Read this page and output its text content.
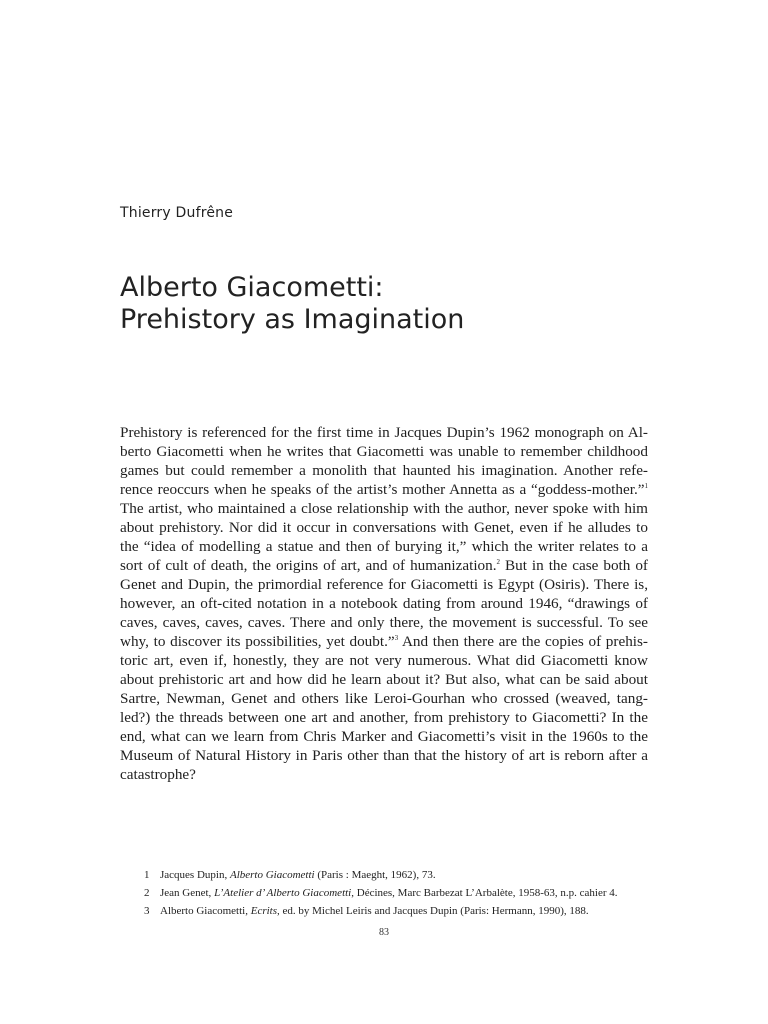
Thierry Dufrêne
Alberto Giacometti:
Prehistory as Imagination
Prehistory is referenced for the first time in Jacques Dupin’s 1962 monograph on Al-
berto Giacometti when he writes that Giacometti was unable to remember childhood
games but could remember a monolith that haunted his imagination. Another refe-
rence reoccurs when he speaks of the artist’s mother Annetta as a “goddess-mother.”$^1$
The artist, who maintained a close relationship with the author, never spoke with him
about prehistory. Nor did it occur in conversations with Genet, even if he alludes to
the “idea of modelling a statue and then of burying it,” which the writer relates to a
sort of cult of death, the origins of art, and of humanization.$^2$ But in the case both of
Genet and Dupin, the primordial reference for Giacometti is Egypt (Osiris). There is,
however, an oft-cited notation in a notebook dating from around 1946, “drawings of
caves, caves, caves, caves. There and only there, the movement is successful. To see
why, to discover its possibilities, yet doubt.”$^3$ And then there are the copies of prehis-
toric art, even if, honestly, they are not very numerous. What did Giacometti know
about prehistoric art and how did he learn about it? But also, what can be said about
Sartre, Newman, Genet and others like Leroi-Gourhan who crossed (weaved, tang-
led?) the threads between one art and another, from prehistory to Giacometti? In the
end, what can we learn from Chris Marker and Giacometti’s visit in the 1960s to the
Museum of Natural History in Paris other than that the history of art is reborn after a
catastrophe?
1 Jacques Dupin, Alberto Giacometti (Paris : Maeght, 1962), 73.
2 Jean Genet, L’Atelier d’ Alberto Giacometti, Décines, Marc Barbezat L’Arbalète, 1958-63, n.p. cahier 4.
3 Alberto Giacometti, Ecrits, ed. by Michel Leiris and Jacques Dupin (Paris: Hermann, 1990), 188.
83
